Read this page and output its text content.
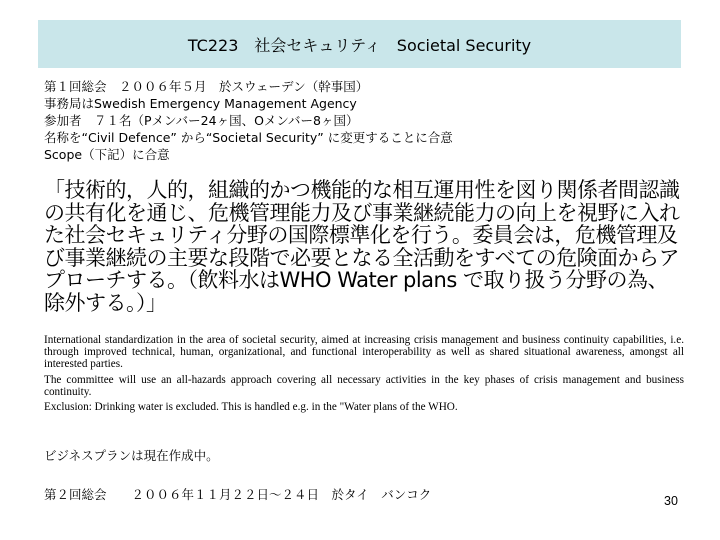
TC223　社会セキュリティ　Societal Security
第１回総会　２００６年５月　於スウェーデン（幹事国）
事務局はSwedish Emergency Management Agency
参加者　７１名（Pメンバー24ヶ国、Oメンバー8ヶ国）
名称を“Civil Defence” から“Societal Security” に変更することに合意
Scope（下記）に合意
「技術的，人的，組織的かつ機能的な相互運用性を図り関係者間認識の共有化を通じ、危機管理能力及び事業継続能力の向上を視野に入れた社会セキュリティ分野の国際標準化を行う。委員会は，危機管理及び事業継続の主要な段階で必要となる全活動をすべての危険面からアプローチする。（飲料水はWHO Water plans で取り扱う分野の為、除外する。）」

International standardization in the area of societal security, aimed at increasing crisis management and business continuity capabilities, i.e. through improved technical, human, organizational, and functional interoperability as well as shared situational awareness, amongst all interested parties.

The committee will use an all-hazards approach covering all necessary activities in the key phases of crisis management and business continuity.

Exclusion: Drinking water is excluded. This is handled e.g. in the "Water plans of the WHO.

ビジネスプランは現在作成中。
第２回総会　　２００６年１１月２２日～２４日　於タイ　バンコク	30
